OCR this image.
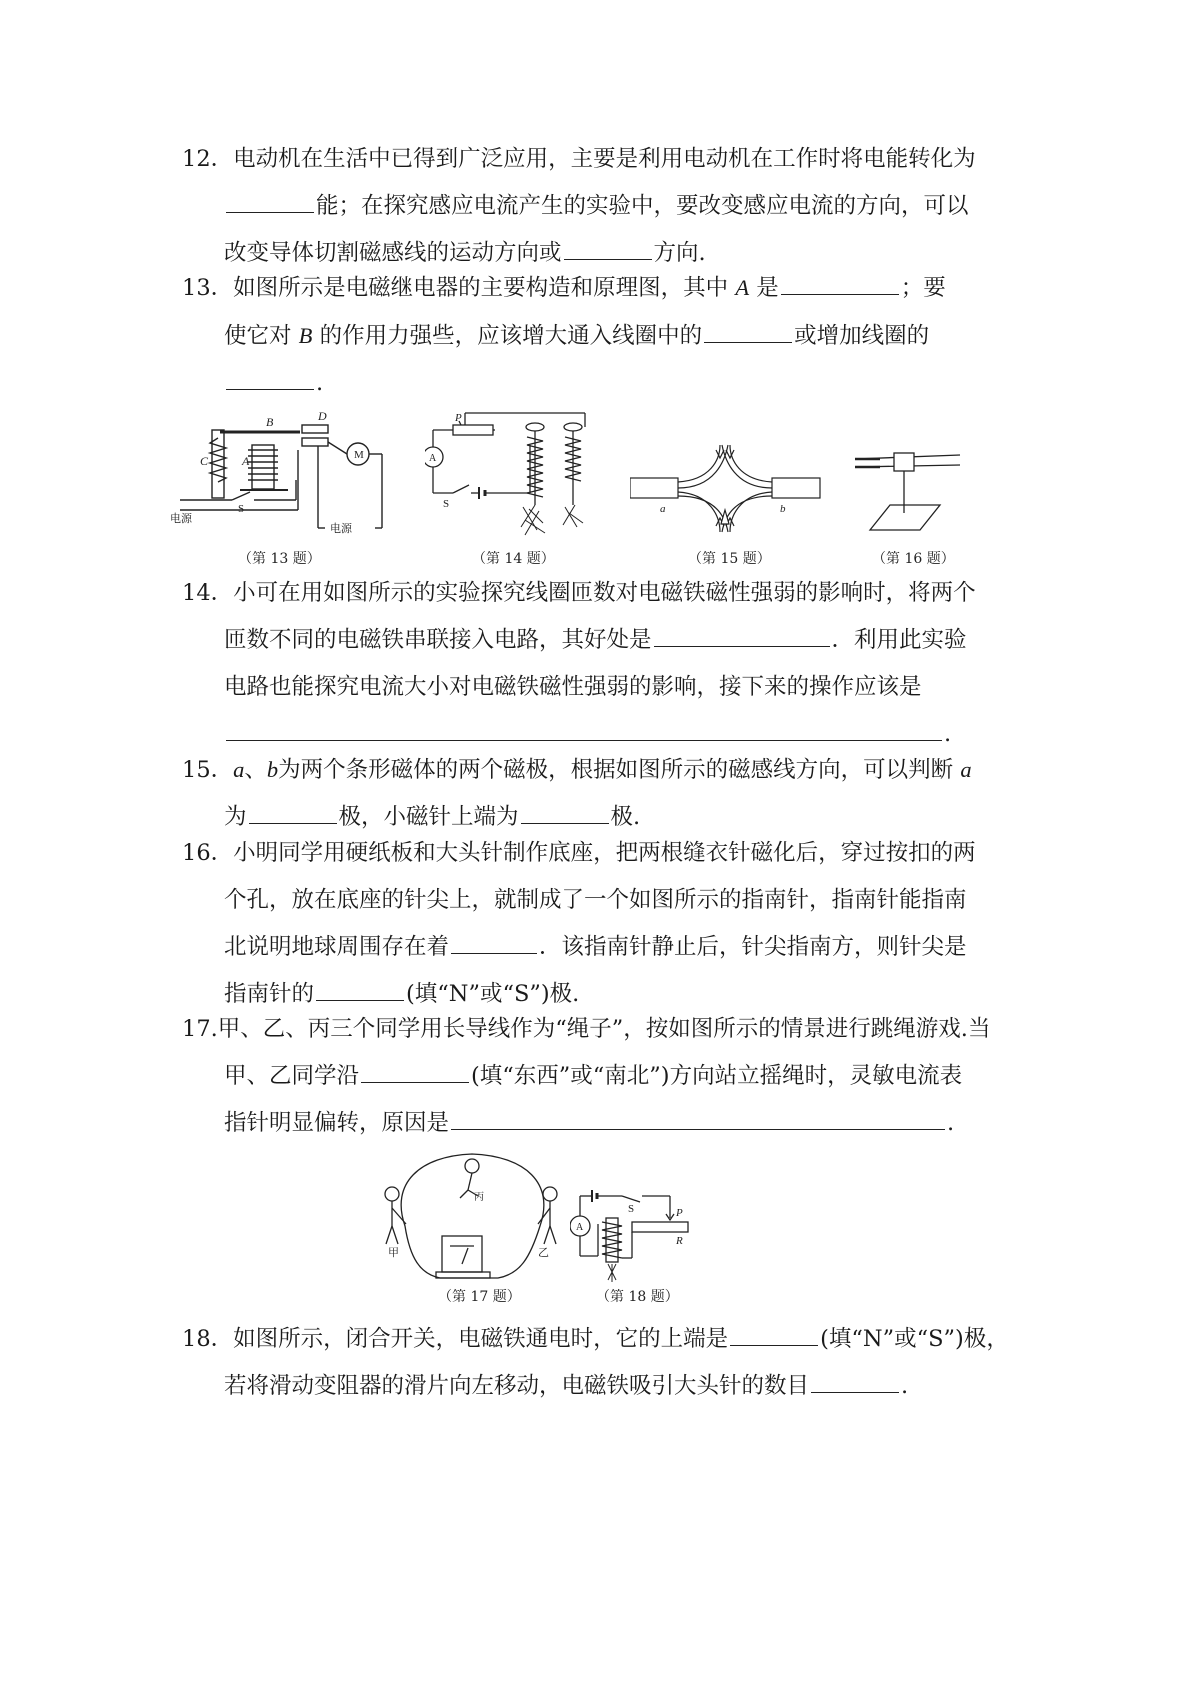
12．电动机在生活中已得到广泛应用，主要是利用电动机在工作时将电能转化为
能；在探究感应电流产生的实验中，要改变感应电流的方向，可以
改变导体切割磁感线的运动方向或	方向.
13．如图所示是电磁继电器的主要构造和原理图，其中 A 是	；要
使它对 B 的作用力强些，应该增大通入线圈中的	或增加线圈的
.
B	D
C	A	M
S
电源
电源
（第 13 题）
P
A
S
（第 14 题）
a	b
（第 15 题）	（第 16 题）
14．小可在用如图所示的实验探究线圈匝数对电磁铁磁性强弱的影响时，将两个
匝数不同的电磁铁串联接入电路，其好处是	．利用此实验
电路也能探究电流大小对电磁铁磁性强弱的影响，接下来的操作应该是
.
15．a、b为两个条形磁体的两个磁极，根据如图所示的磁感线方向，可以判断 a
为	极，小磁针上端为	极.
16．小明同学用硬纸板和大头针制作底座，把两根缝衣针磁化后，穿过按扣的两
个孔，放在底座的针尖上，就制成了一个如图所示的指南针，指南针能指南
北说明地球周围存在着	．该指南针静止后，针尖指南方，则针尖是
指南针的	(填“N”或“S”)极.
17.甲、乙、丙三个同学用长导线作为“绳子”，按如图所示的情景进行跳绳游戏.当
甲、乙同学沿	(填“东西”或“南北”)方向站立摇绳时，灵敏电流表
指针明显偏转，原因是	.
甲	乙
丙
（第 17 题）
A
S	P
R
（第 18 题）
18．如图所示，闭合开关，电磁铁通电时，它的上端是	(填“N”或“S”)极，
若将滑动变阻器的滑片向左移动，电磁铁吸引大头针的数目	.
